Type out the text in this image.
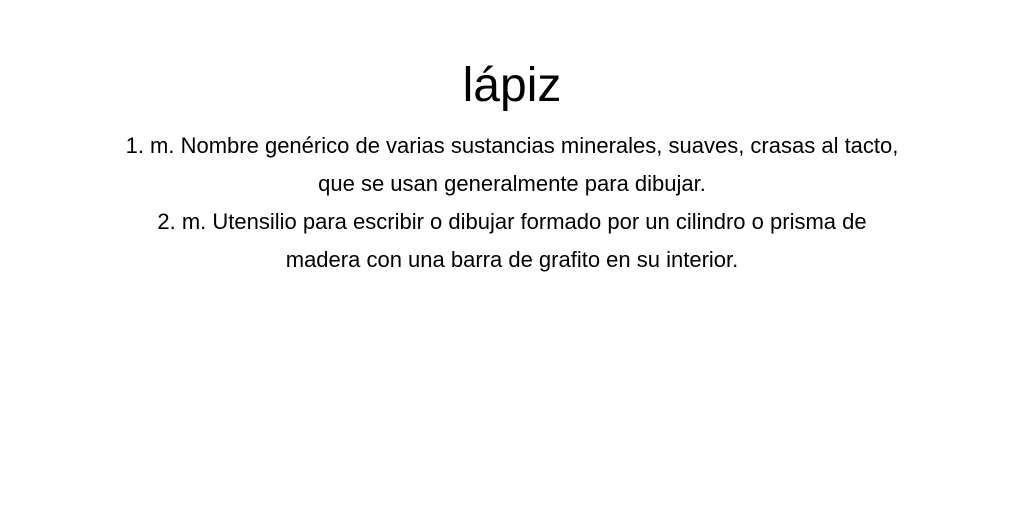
lápiz
1. m. Nombre genérico de varias sustancias minerales, suaves, crasas al tacto,
que se usan generalmente para dibujar.
2. m. Utensilio para escribir o dibujar formado por un cilindro o prisma de
madera con una barra de grafito en su interior.
